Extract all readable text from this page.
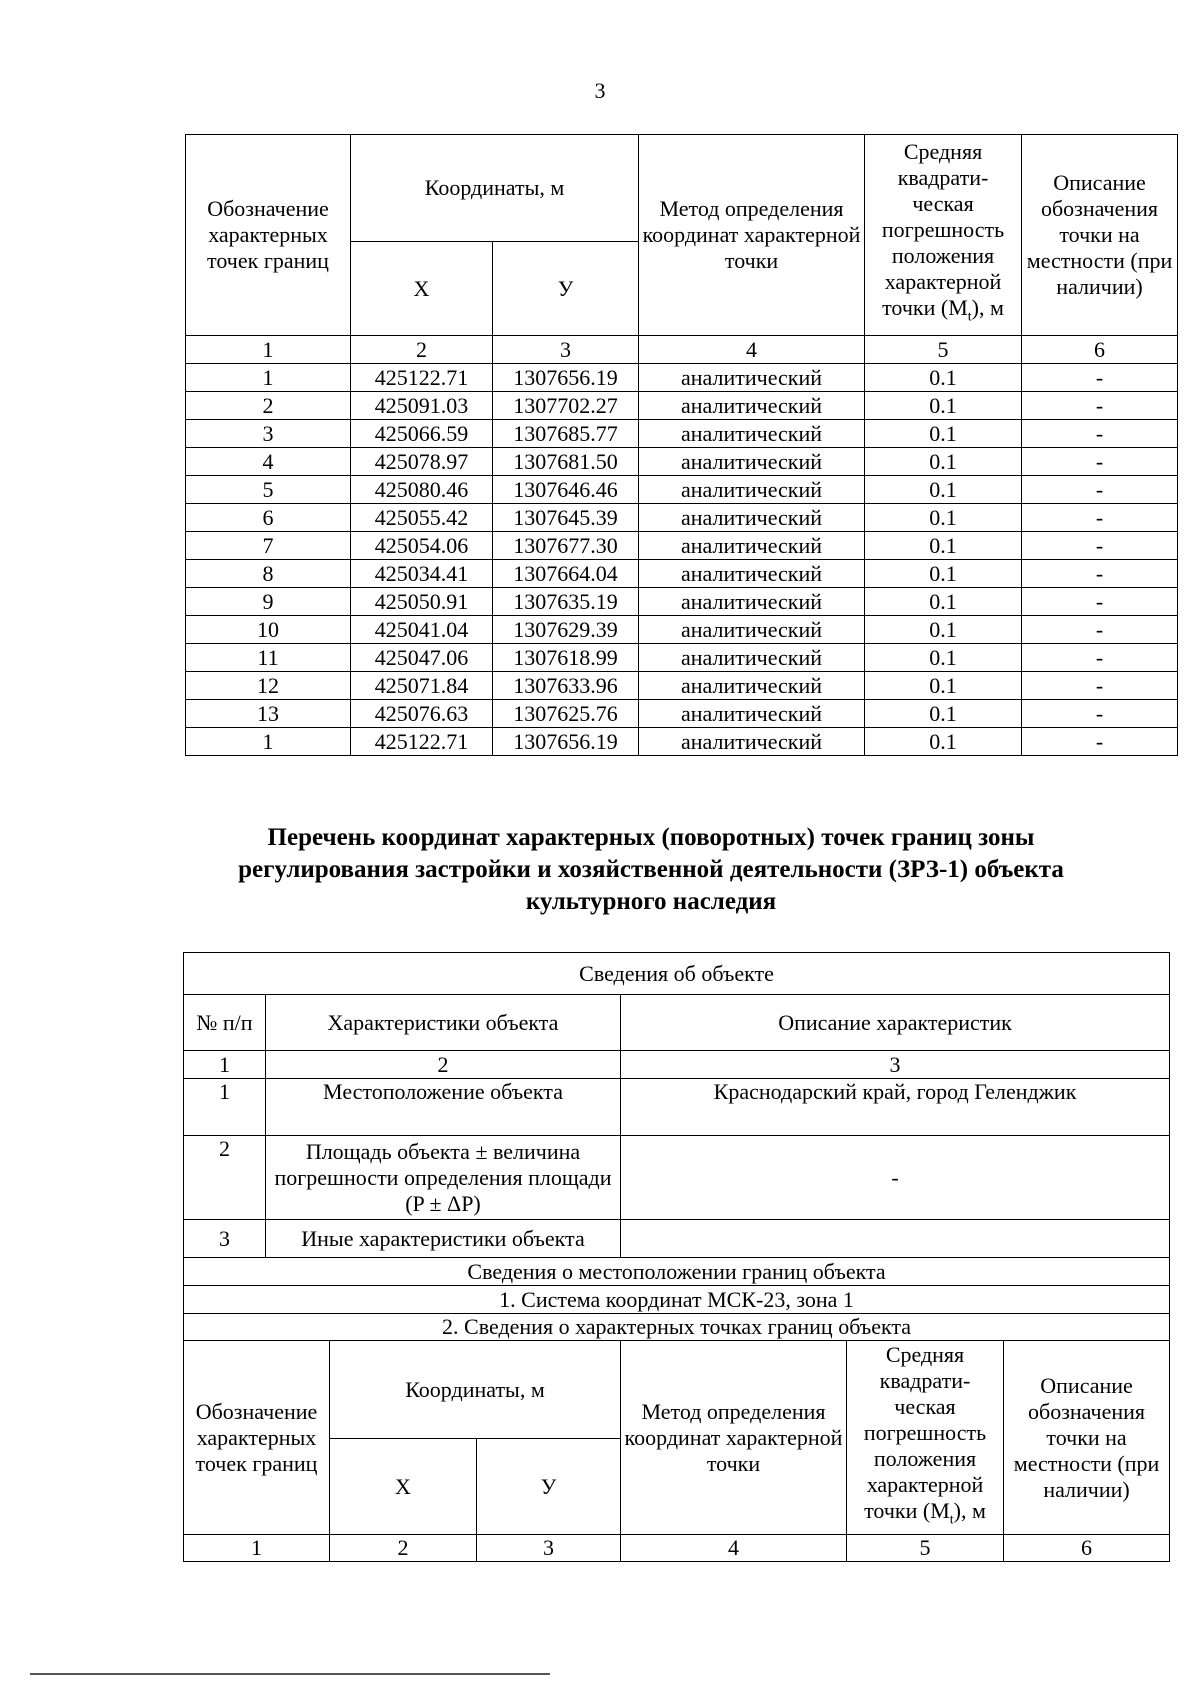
3
Обозначение характерных точек границ	Координаты, м		Метод определения координат характерной точки	Средняя квадрати- ческая погрешность положения характерной точки $(M_t)$, м	Описание обозначения точки на местности (при наличии)
	X	У			
1	2	3	4	5	6
1	425122.71	1307656.19	аналитический	0.1	-
2	425091.03	1307702.27	аналитический	0.1	-
3	425066.59	1307685.77	аналитический	0.1	-
4	425078.97	1307681.50	аналитический	0.1	-
5	425080.46	1307646.46	аналитический	0.1	-
6	425055.42	1307645.39	аналитический	0.1	-
7	425054.06	1307677.30	аналитический	0.1	-
8	425034.41	1307664.04	аналитический	0.1	-
9	425050.91	1307635.19	аналитический	0.1	-
10	425041.04	1307629.39	аналитический	0.1	-
11	425047.06	1307618.99	аналитический	0.1	-
12	425071.84	1307633.96	аналитический	0.1	-
13	425076.63	1307625.76	аналитический	0.1	-
1	425122.71	1307656.19	аналитический	0.1	-
Перечень координат характерных (поворотных) точек границ зоны регулирования застройки и хозяйственной деятельности (ЗРЗ-1) объекта культурного наследия
Сведения об объекте						
№ п/п	Характеристики объекта			Описание характеристик		
1	2			3		
1	Местоположение объекта			Краснодарский край, город Геленджик		
2	Площадь объекта ± величина погрешности определения площади (P ± ΔP)			-		
3	Иные характеристики объекта					
Сведения о местоположении границ объекта						
1. Система координат МСК-23, зона 1						
2. Сведения о характерных точках границ объекта						
Обозначение характерных точек границ		Координаты, м		Метод определения координат характерной точки	Средняя квадрати- ческая погрешность положения характерной точки $(M_t)$, м	Описание обозначения точки на местности (при наличии)
		X	У			
1		2	3	4	5	6
